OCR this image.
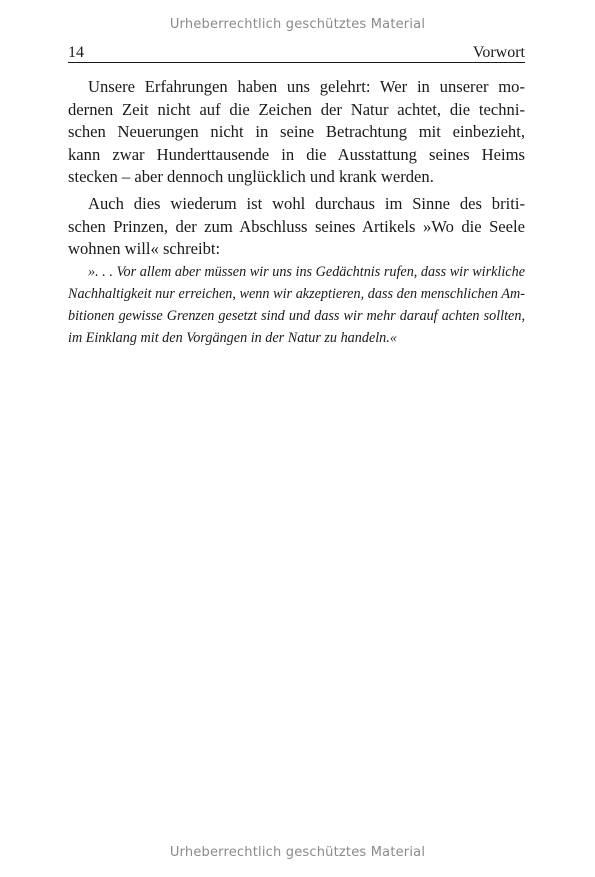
Urheberrechtlich geschütztes Material
14	Vorwort
Unsere Erfahrungen haben uns gelehrt: Wer in unserer mo-
dernen Zeit nicht auf die Zeichen der Natur achtet, die techni-
schen Neuerungen nicht in seine Betrachtung mit einbezieht,
kann zwar Hunderttausende in die Ausstattung seines Heims
stecken – aber dennoch unglücklich und krank werden.
Auch dies wiederum ist wohl durchaus im Sinne des briti-
schen Prinzen, der zum Abschluss seines Artikels »Wo die Seele
wohnen will« schreibt:
». . . Vor allem aber müssen wir uns ins Gedächtnis rufen, dass wir wirkliche
Nachhaltigkeit nur erreichen, wenn wir akzeptieren, dass den menschlichen Am-
bitionen gewisse Grenzen gesetzt sind und dass wir mehr darauf achten sollten,
im Einklang mit den Vorgängen in der Natur zu handeln.«
Urheberrechtlich geschütztes Material
